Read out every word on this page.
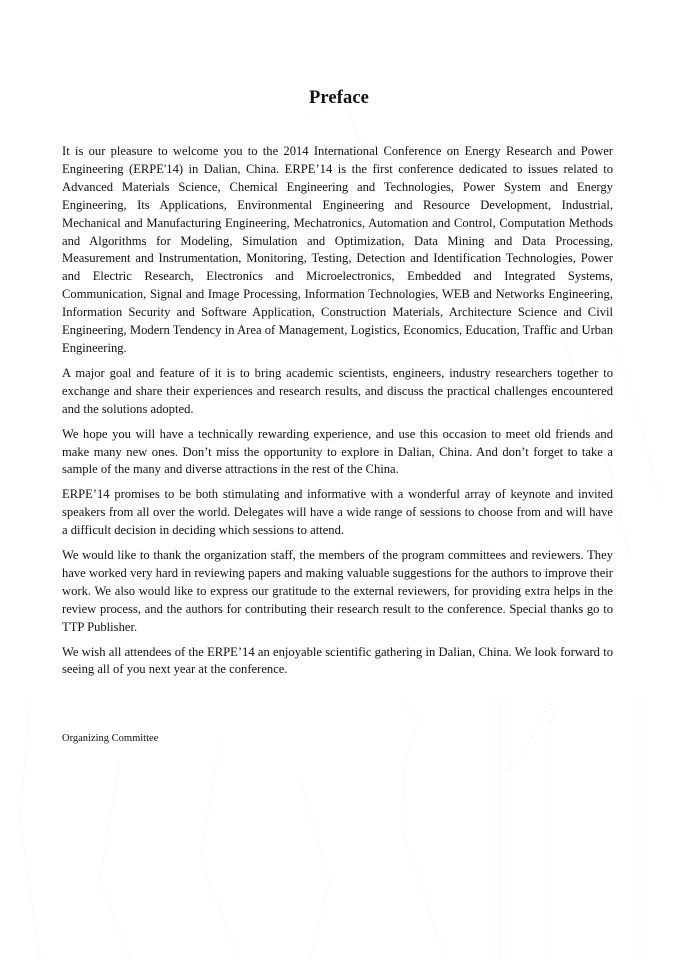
Preface

It is our pleasure to welcome you to the 2014 International Conference on Energy Research and Power Engineering (ERPE'14) in Dalian, China. ERPE’14 is the first conference dedicated to issues related to Advanced Materials Science, Chemical Engineering and Technologies, Power System and Energy Engineering, Its Applications, Environmental Engineering and Resource Development, Industrial, Mechanical and Manufacturing Engineering, Mechatronics, Automation and Control, Computation Methods and Algorithms for Modeling, Simulation and Optimization, Data Mining and Data Processing, Measurement and Instrumentation, Monitoring, Testing, Detection and Identification Technologies, Power and Electric Research, Electronics and Microelectronics, Embedded and Integrated Systems, Communication, Signal and Image Processing, Information Technologies, WEB and Networks Engineering, Information Security and Software Application, Construction Materials, Architecture Science and Civil Engineering, Modern Tendency in Area of Management, Logistics, Economics, Education, Traffic and Urban Engineering.

A major goal and feature of it is to bring academic scientists, engineers, industry researchers together to exchange and share their experiences and research results, and discuss the practical challenges encountered and the solutions adopted.

We hope you will have a technically rewarding experience, and use this occasion to meet old friends and make many new ones. Don’t miss the opportunity to explore in Dalian, China. And don’t forget to take a sample of the many and diverse attractions in the rest of the China.

ERPE’14 promises to be both stimulating and informative with a wonderful array of keynote and invited speakers from all over the world. Delegates will have a wide range of sessions to choose from and will have a difficult decision in deciding which sessions to attend.

We would like to thank the organization staff, the members of the program committees and reviewers. They have worked very hard in reviewing papers and making valuable suggestions for the authors to improve their work. We also would like to express our gratitude to the external reviewers, for providing extra helps in the review process, and the authors for contributing their research result to the conference. Special thanks go to TTP Publisher.

We wish all attendees of the ERPE’14 an enjoyable scientific gathering in Dalian, China. We look forward to seeing all of you next year at the conference.

Organizing Committee
